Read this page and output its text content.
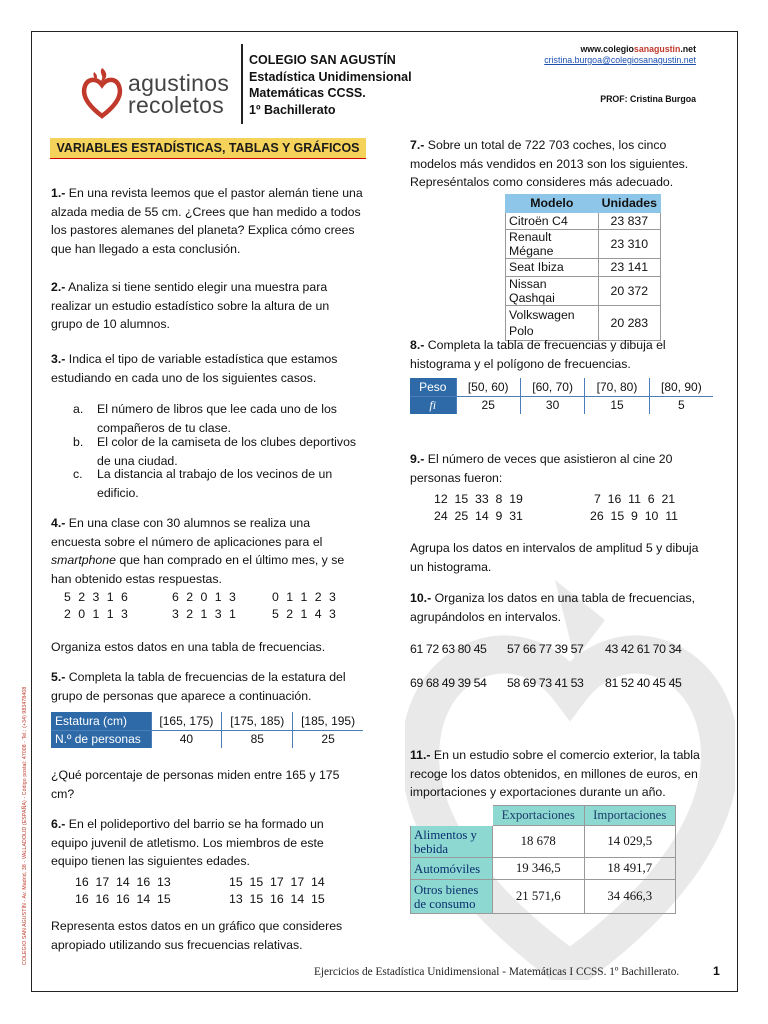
agustinos
recoletos
COLEGIO SAN AGUSTÍN
Estadística Unidimensional
Matemáticas CCSS.
1º Bachillerato
www.colegiosanagustin.net
cristina.burgoa@colegiosanagustin.net
PROF: Cristina Burgoa
VARIABLES ESTADÍSTICAS, TABLAS Y GRÁFICOS
1.- En una revista leemos que el pastor alemán tiene una alzada media de 55 cm. ¿Crees que han medido a todos los pastores alemanes del planeta? Explica cómo crees que han llegado a esta conclusión.
2.- Analiza si tiene sentido elegir una muestra para realizar un estudio estadístico sobre la altura de un grupo de 10 alumnos.
3.- Indica el tipo de variable estadística que estamos estudiando en cada uno de los siguientes casos.
a.	El número de libros que lee cada uno de los compañeros de tu clase.
b.	El color de la camiseta de los clubes deportivos de una ciudad.
c.	La distancia al trabajo de los vecinos de un edificio.
4.- En una clase con 30 alumnos se realiza una encuesta sobre el número de aplicaciones para el smartphone que han comprado en el último mes, y se han obtenido estas respuestas.
5 2 3 1 6	6 2 0 1 3	0 1 1 2 3
2 0 1 1 3	3 2 1 3 1	5 2 1 4 3
Organiza estos datos en una tabla de frecuencias.
5.- Completa la tabla de frecuencias de la estatura del grupo de personas que aparece a continuación.
Estatura (cm)	[165, 175)	[175, 185)	[185, 195)
N.º de personas	40	85	25
¿Qué porcentaje de personas miden entre 165 y 175 cm?
6.- En el polideportivo del barrio se ha formado un equipo juvenil de atletismo. Los miembros de este equipo tienen las siguientes edades.
16  17  14  16  13	15  15  17  17  14
16  16  16  14  15	13  15  16  14  15
Representa estos datos en un gráfico que consideres apropiado utilizando sus frecuencias relativas.
7.- Sobre un total de 722 703 coches, los cinco modelos más vendidos en 2013 son los siguientes. Represéntalos como consideres más adecuado.
Modelo	Unidades
Citroën C4	23 837
Renault Mégane	23 310
Seat Ibiza	23 141
Nissan Qashqai	20 372
Volkswagen Polo	20 283
8.- Completa la tabla de frecuencias y dibuja el histograma y el polígono de frecuencias.
Peso	[50, 60)	[60, 70)	[70, 80)	[80, 90)
fi	25	30	15	5
9.- El número de veces que asistieron al cine 20 personas fueron:
12  15  33  8  19	7  16  11  6  21
24  25  14  9  31	26  15  9  10  11
Agrupa los datos en intervalos de amplitud 5 y dibuja un histograma.
10.- Organiza los datos en una tabla de frecuencias, agrupándolos en intervalos.
61 72 63 80 45 57 66 77 39 57 43 42 61 70 34
69 68 49 39 54 58 69 73 41 53 81 52 40 45 45
11.- En un estudio sobre el comercio exterior, la tabla recoge los datos obtenidos, en millones de euros, en importaciones y exportaciones durante un año.
	Exportaciones	Importaciones
Alimentos y bebida	18 678	14 029,5
Automóviles	19 346,5	18 491,7
Otros bienes de consumo	21 571,6	34 466,3
COLEGIO SAN AGUSTÍN - Av. Madrid, 38 - VALLADOLID (ESPAÑA) - Código postal: 47008 - Tel.: (+34) 983478408
Ejercicios de Estadística Unidimensional - Matemáticas I CCSS. 1º Bachillerato.	1
